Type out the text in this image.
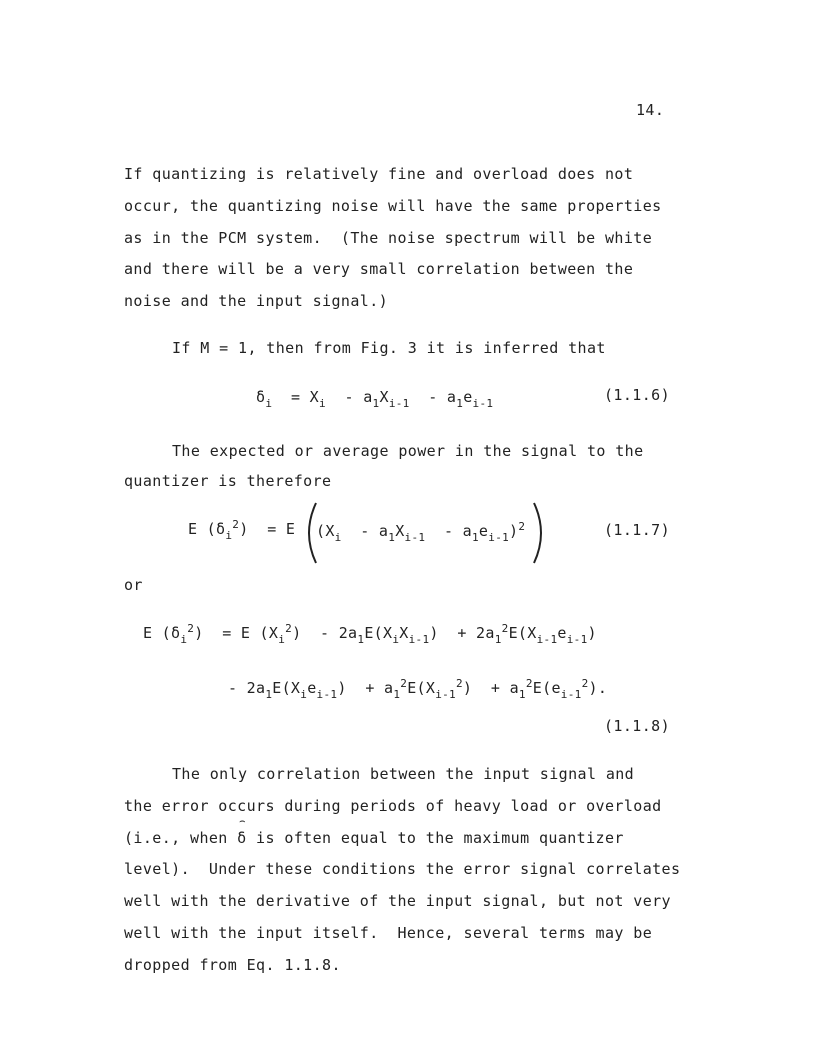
14.
If quantizing is relatively fine and overload does not
occur, the quantizing noise will have the same properties
as in the PCM system.  (The noise spectrum will be white
and there will be a very small correlation between the
noise and the input signal.)
If M = 1, then from Fig. 3 it is inferred that
$\delta_i = X_i - a_1X_{i-1} - a_1e_{i-1}$	(1.1.6)
The expected or average power in the signal to the
quantizer is therefore
E $(\delta_i^2) = E$ $(X_i - a_1X_{i-1} - a_1e_{i-1})^2$	(1.1.7)
or
E $(\delta_i^2) = E$ $(X_i^2) - 2a_1E(X_iX_{i-1}) + 2a_1^2E(X_{i-1}e_{i-1})$
- $2a_1E(X_ie_{i-1}) + a_1^2E(X_{i-1}^2) + a_1^2E(e_{i-1}^2)$.
(1.1.8)
The only correlation between the input signal and
the error occurs during periods of heavy load or overload
⌢
(i.e., when δ is often equal to the maximum quantizer
level).  Under these conditions the error signal correlates
well with the derivative of the input signal, but not very
well with the input itself.  Hence, several terms may be
dropped from Eq. 1.1.8.
